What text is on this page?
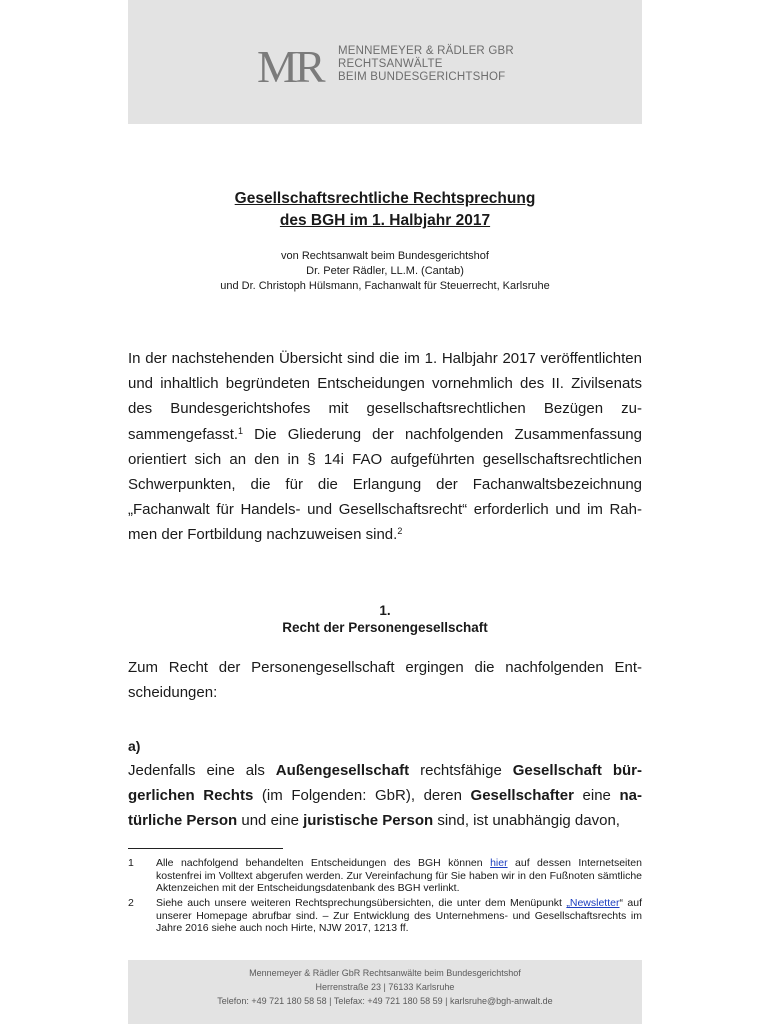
MR MENNEMEYER & RÄDLER GBR
RECHTSANWÄLTE
BEIM BUNDESGERICHTSHOF
Gesellschaftsrechtliche Rechtsprechung
des BGH im 1. Halbjahr 2017
von Rechtsanwalt beim Bundesgerichtshof
Dr. Peter Rädler, LL.M. (Cantab)
und Dr. Christoph Hülsmann, Fachanwalt für Steuerrecht, Karlsruhe
In der nachstehenden Übersicht sind die im 1. Halbjahr 2017 veröffentlichten und inhaltlich begründeten Entscheidungen vornehmlich des II. Zivilsenats des Bundesgerichtshofes mit gesellschaftsrechtlichen Bezügen zusammengefasst.$^1$ Die Gliederung der nachfolgenden Zusammenfassung orientiert sich an den in § 14i FAO aufgeführten gesellschaftsrechtlichen Schwerpunkten, die für die Erlangung der Fachanwaltsbezeichnung „Fachanwalt für Handels- und Gesellschaftsrecht“ erforderlich und im Rahmen der Fortbildung nachzuweisen sind.$^2$
1.
Recht der Personengesellschaft
Zum Recht der Personengesellschaft ergingen die nachfolgenden Entscheidungen:
a)
Jedenfalls eine als Außengesellschaft rechtsfähige Gesellschaft bürgerlichen Rechts (im Folgenden: GbR), deren Gesellschafter eine natürliche Person und eine juristische Person sind, ist unabhängig davon,
1	Alle nachfolgend behandelten Entscheidungen des BGH können hier auf dessen Internetseiten kostenfrei im Volltext abgerufen werden. Zur Vereinfachung für Sie haben wir in den Fußnoten sämtliche Aktenzeichen mit der Entscheidungsdatenbank des BGH verlinkt.
2	Siehe auch unsere weiteren Rechtsprechungsübersichten, die unter dem Menüpunkt „Newsletter“ auf unserer Homepage abrufbar sind. – Zur Entwicklung des Unternehmens- und Gesellschaftsrechts im Jahre 2016 siehe auch noch Hirte, NJW 2017, 1213 ff.
Mennemeyer & Rädler GbR Rechtsanwälte beim Bundesgerichtshof
Herrenstraße 23 | 76133 Karlsruhe
Telefon: +49 721 180 58 58 | Telefax: +49 721 180 58 59 | karlsruhe@bgh-anwalt.de
